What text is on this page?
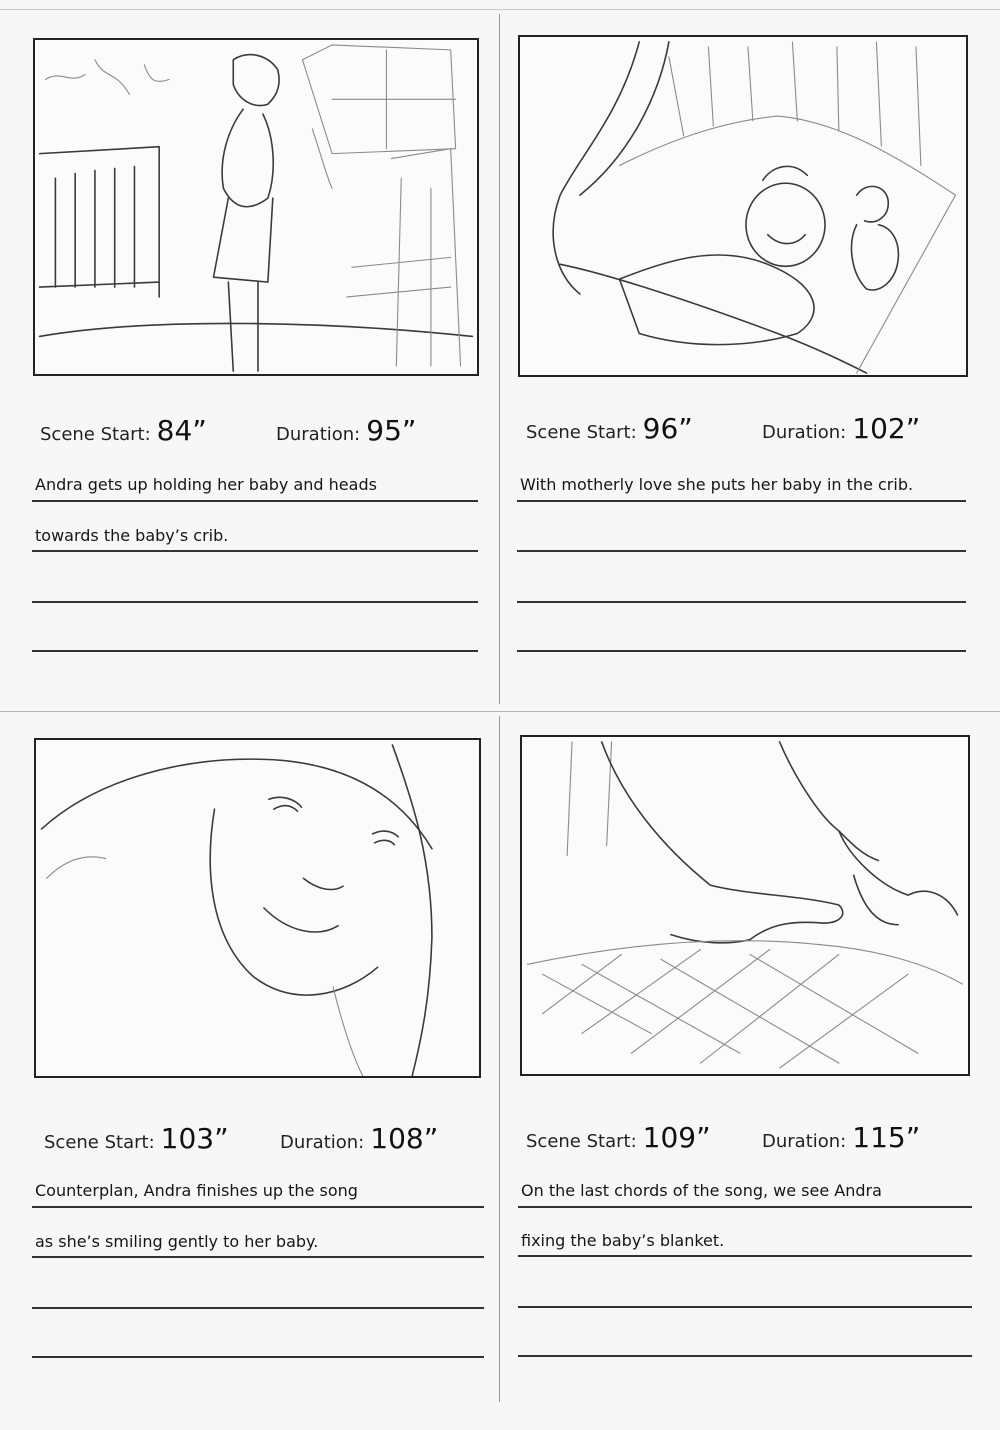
Scene Start: 84”	Duration: 95”
Andra gets up holding her baby and heads
towards the baby’s crib.
Scene Start: 96”	Duration: 102”
With motherly love she puts her baby in the crib.
Scene Start: 103”	Duration: 108”
Counterplan, Andra finishes up the song
as she’s smiling gently to her baby.
Scene Start: 109”	Duration: 115”
On the last chords of the song, we see Andra
fixing the baby’s blanket.
